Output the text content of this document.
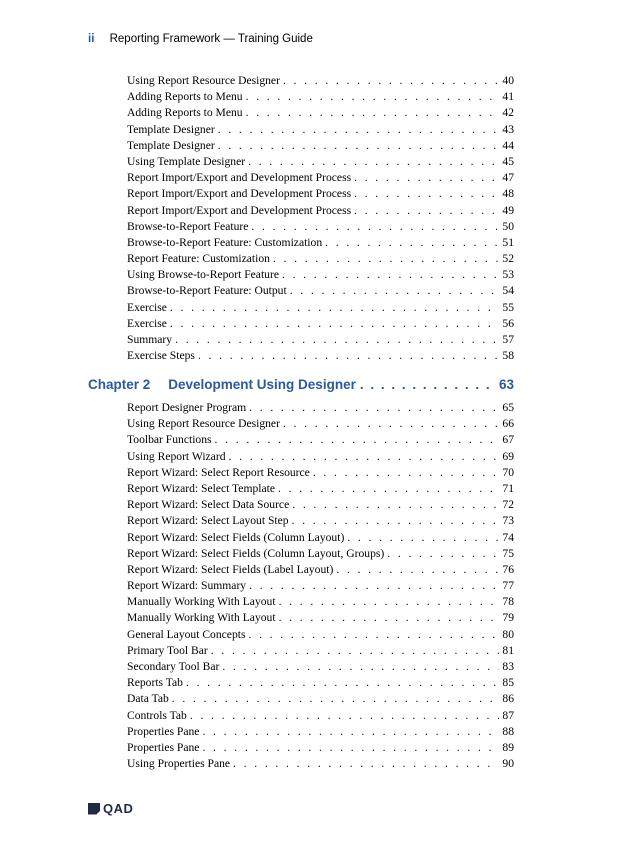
ii Reporting Framework — Training Guide
Using Report Resource Designer . . .	40
Adding Reports to Menu . . .	41
Adding Reports to Menu . . .	42
Template Designer . . .	43
Template Designer . . .	44
Using Template Designer . . .	45
Report Import/Export and Development Process . . .	47
Report Import/Export and Development Process . . .	48
Report Import/Export and Development Process . . .	49
Browse-to-Report Feature . . .	50
Browse-to-Report Feature: Customization . . .	51
Report Feature: Customization . . .	52
Using Browse-to-Report Feature . . .	53
Browse-to-Report Feature: Output . . .	54
Exercise . . .	55
Exercise . . .	56
Summary . . .	57
Exercise Steps . . .	58
Chapter 2 Development Using Designer . . .	63
Report Designer Program . . .	65
Using Report Resource Designer . . .	66
Toolbar Functions . . .	67
Using Report Wizard . . .	69
Report Wizard: Select Report Resource . . .	70
Report Wizard: Select Template . . .	71
Report Wizard: Select Data Source . . .	72
Report Wizard: Select Layout Step . . .	73
Report Wizard: Select Fields (Column Layout) . . .	74
Report Wizard: Select Fields (Column Layout, Groups) . . .	75
Report Wizard: Select Fields (Label Layout) . . .	76
Report Wizard: Summary . . .	77
Manually Working With Layout . . .	78
Manually Working With Layout . . .	79
General Layout Concepts . . .	80
Primary Tool Bar . . .	81
Secondary Tool Bar . . .	83
Reports Tab . . .	85
Data Tab . . .	86
Controls Tab . . .	87
Properties Pane . . .	88
Properties Pane . . .	89
Using Properties Pane . . .	90
QAD
